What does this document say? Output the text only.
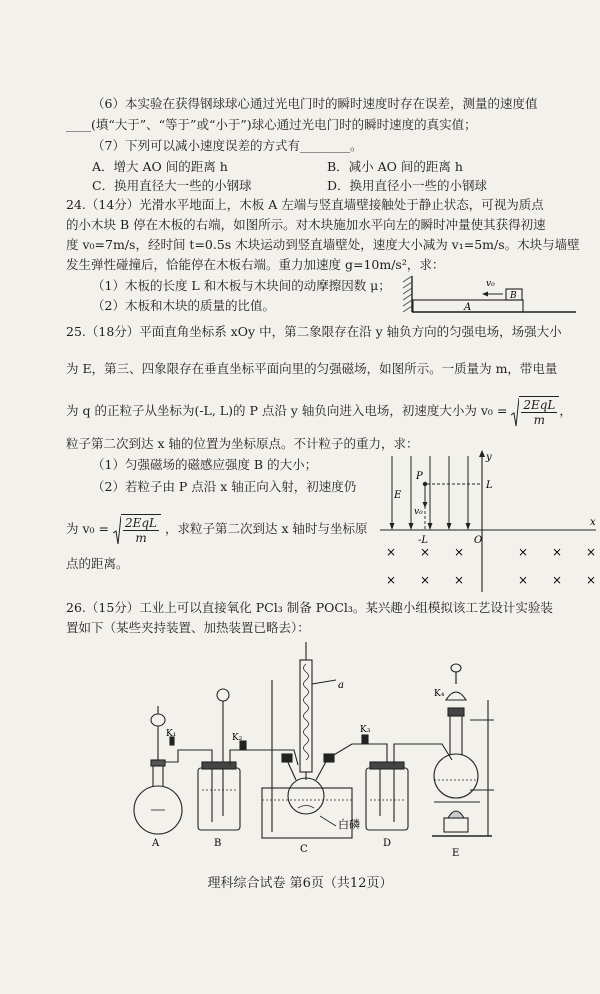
（6）本实验在获得钢球球心通过光电门时的瞬时速度时存在误差，测量的速度值
____(填“大于”、“等于”或“小于”)球心通过光电门时的瞬时速度的真实值；
（7）下列可以减小速度误差的方式有________。
A．增大 AO 间的距离 h	B．减小 AO 间的距离 h
C．换用直径大一些的小钢球	D．换用直径小一些的小钢球
24.（14分）光滑水平地面上，木板 A 左端与竖直墙壁接触处于静止状态，可视为质点
的小木块 B 停在木板的右端，如图所示。对木块施加水平向左的瞬时冲量使其获得初速
度 v₀=7m/s，经时间 t=0.5s 木块运动到竖直墙壁处，速度大小减为 v₁=5m/s。木块与墙壁
发生弹性碰撞后，恰能停在木板右端。重力加速度 g=10m/s²，求：
（1）木板的长度 L 和木板与木块间的动摩擦因数 μ；
（2）木板和木块的质量的比值。	A
B
v₀
25.（18分）平面直角坐标系 xOy 中，第二象限存在沿 y 轴负方向的匀强电场，场强大小
为 E，第三、四象限存在垂直坐标平面向里的匀强磁场，如图所示。一质量为 m，带电量
为 q 的正粒子从坐标为(-L, L)的 P 点沿 y 轴负向进入电场，初速度大小为 $v_0 = \frac{\text{2EqL}}{m}$ ，
粒子第二次到达 x 轴的位置为坐标原点。不计粒子的重力，求：
（1）匀强磁场的磁感应强度 B 的大小；
（2）若粒子由 P 点沿 x 轴正向入射，初速度仍
为 $v_0 = \frac{\text{2EqL}}{m}$ ，求粒子第二次到达 x 轴时与坐标原
点的距离。
y
x
O
E
P
v₀
L
-L
× × ×	× × ×
× × ×	× × ×
26.（15分）工业上可以直接氧化 PCl₃ 制备 POCl₃。某兴趣小组模拟该工艺设计实验装
置如下（某些夹持装置、加热装置已略去）：
A	B
C
D
E
白磷
a
K₁	K₂
K₃
K₄
理科综合试卷 第6页（共12页）
